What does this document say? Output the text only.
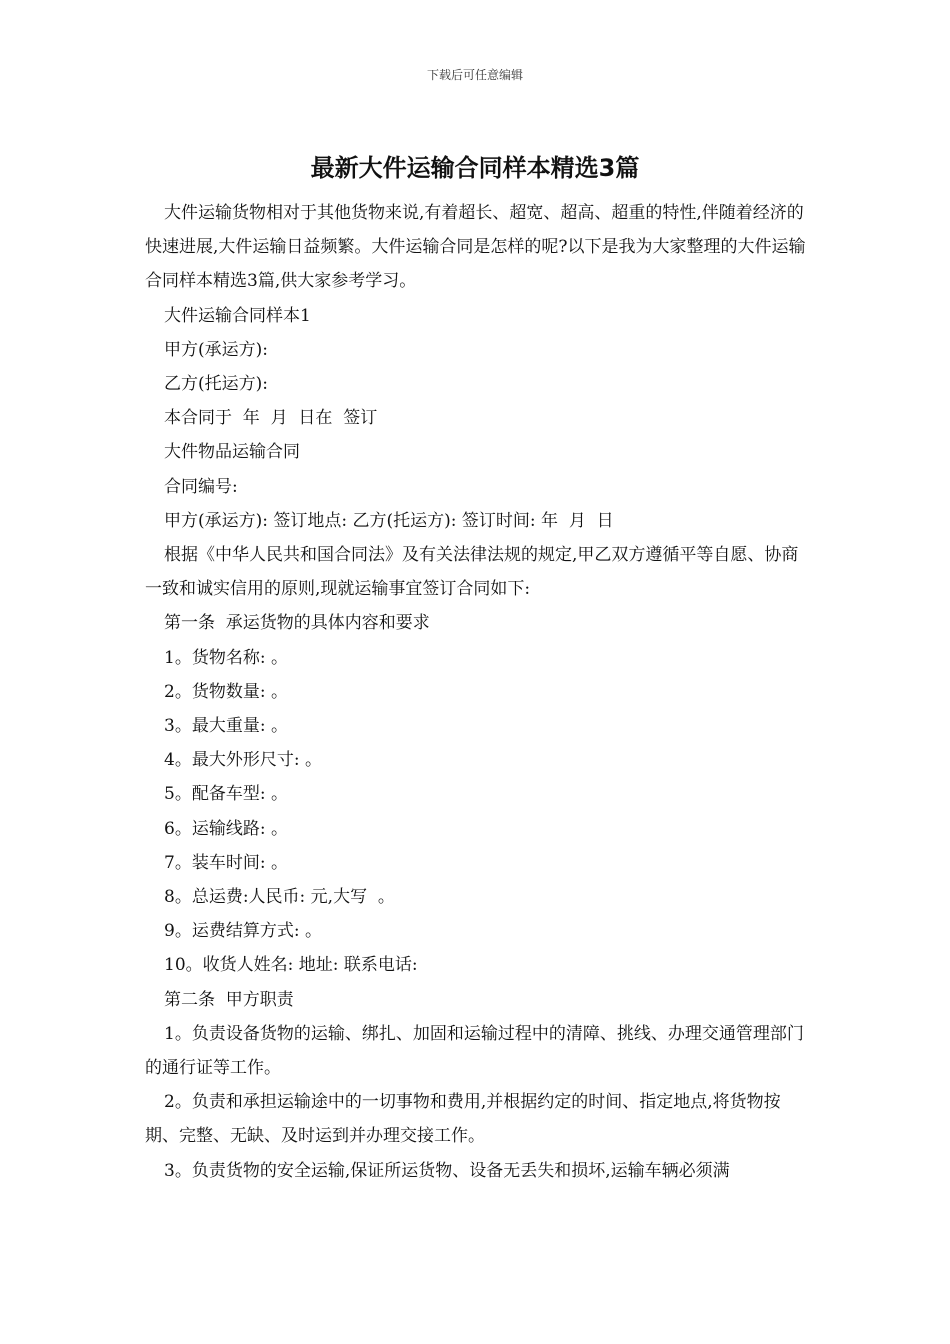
下载后可任意编辑
最新大件运输合同样本精选3篇

大件运输货物相对于其他货物来说,有着超长、超宽、超高、超重的特性,伴随着经济的快速进展,大件运输日益频繁。大件运输合同是怎样的呢?以下是我为大家整理的大件运输合同样本精选3篇,供大家参考学习。

大件运输合同样本1

甲方(承运方):

乙方(托运方):

本合同于  年  月  日在  签订

大件物品运输合同

合同编号:

甲方(承运方): 签订地点: 乙方(托运方): 签订时间: 年  月  日

根据《中华人民共和国合同法》及有关法律法规的规定,甲乙双方遵循平等自愿、协商一致和诚实信用的原则,现就运输事宜签订合同如下:

第一条  承运货物的具体内容和要求

1。货物名称: 。

2。货物数量: 。

3。最大重量: 。

4。最大外形尺寸: 。

5。配备车型: 。

6。运输线路: 。

7。装车时间: 。

8。总运费:人民币: 元,大写  。

9。运费结算方式: 。

10。收货人姓名: 地址: 联系电话:

第二条  甲方职责

1。负责设备货物的运输、绑扎、加固和运输过程中的清障、挑线、办理交通管理部门的通行证等工作。

2。负责和承担运输途中的一切事物和费用,并根据约定的时间、指定地点,将货物按期、完整、无缺、及时运到并办理交接工作。

3。负责货物的安全运输,保证所运货物、设备无丢失和损坏,运输车辆必须满
